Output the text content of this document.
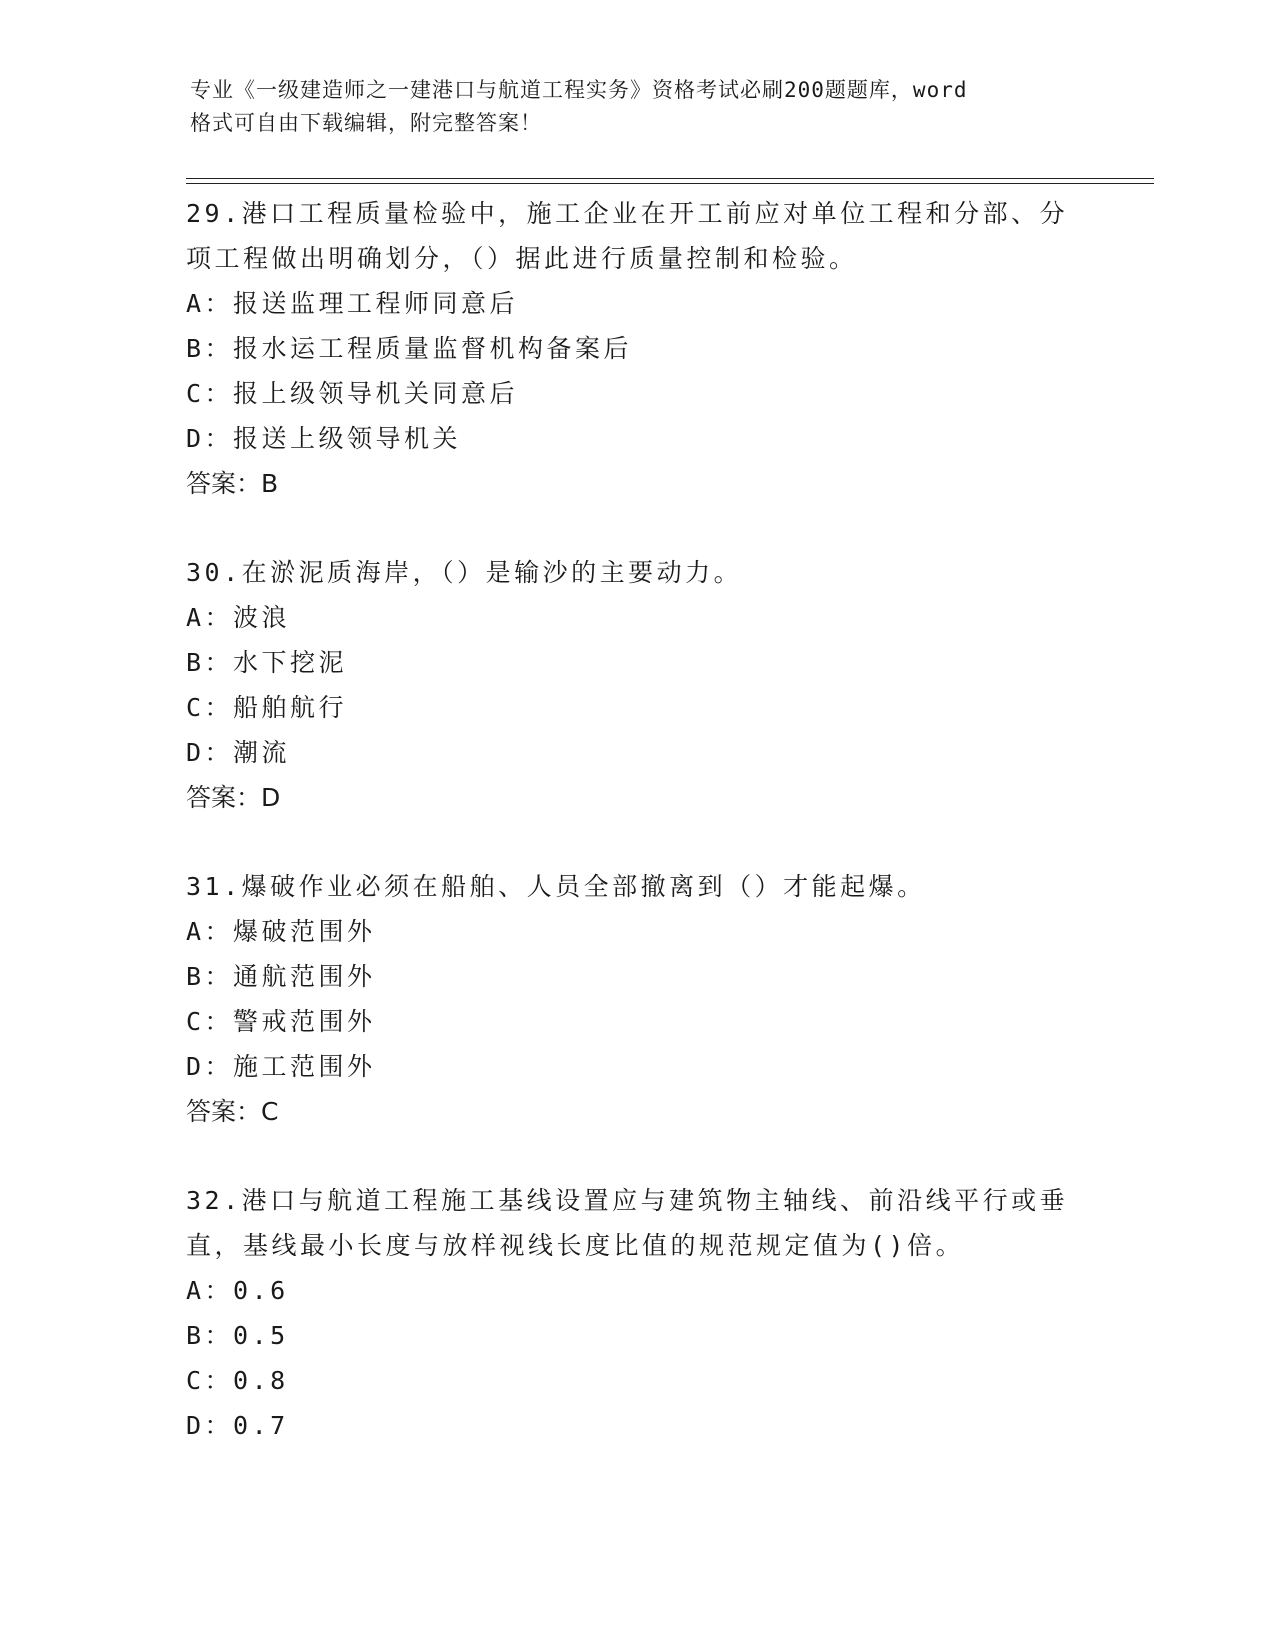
专业《一级建造师之一建港口与航道工程实务》资格考试必刷200题题库，word
格式可自由下载编辑，附完整答案！

29.港口工程质量检验中，施工企业在开工前应对单位工程和分部、分

项工程做出明确划分，（）据此进行质量控制和检验。

A：报送监理工程师同意后

B：报水运工程质量监督机构备案后

C：报上级领导机关同意后

D：报送上级领导机关

答案：B

30.在淤泥质海岸，（）是输沙的主要动力。

A：波浪

B：水下挖泥

C：船舶航行

D：潮流

答案：D

31.爆破作业必须在船舶、人员全部撤离到（）才能起爆。

A：爆破范围外

B：通航范围外

C：警戒范围外

D：施工范围外

答案：C

32.港口与航道工程施工基线设置应与建筑物主轴线、前沿线平行或垂

直，基线最小长度与放样视线长度比值的规范规定值为()倍。

A：0.6

B：0.5

C：0.8

D：0.7
